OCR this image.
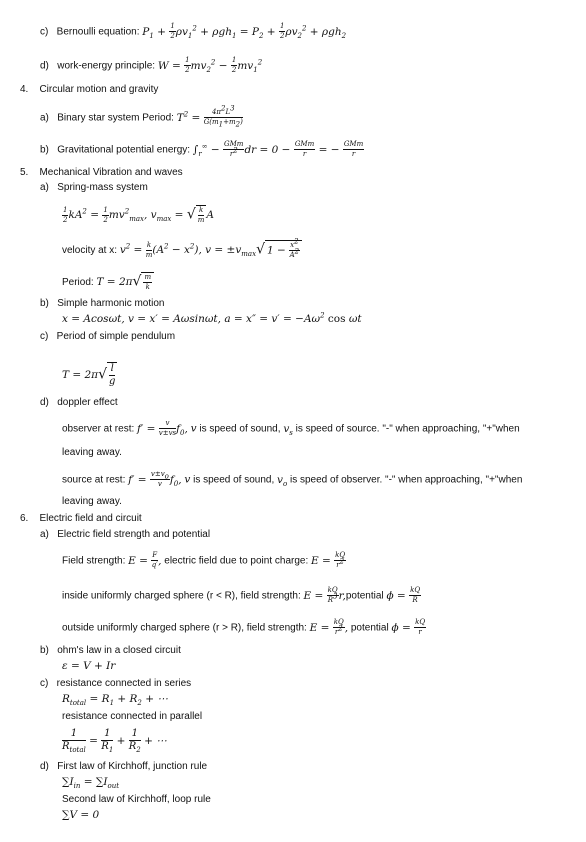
c)   Bernoulli equation: $P_1 + \frac{1}{2} \rho v_1^2 + \rho gh_1 = P_2 + \frac{1}{2} \rho v_2^2 + \rho gh_2$
d)   work-energy principle: $W = \frac{1}{2} mv_2^2 - \frac{1}{2} mv_1^2$
4.    Circular motion and gravity
a)   Binary star system Period: $T^2 = \frac{4\pi^2L^3}{G(m_1+m_2)}$
b)   Gravitational potential energy: $\int_r^\infty$ − GMm
$r^2$ dr = 0 − GMm
r = − GMm
r
5.    Mechanical Vibration and waves
a)   Spring-mass system
$\frac{1}{2} kA^2 = \frac{1}{2} mv^2_{max}$, $v_{max}$ = √ $\frac{k}{m}$ A
velocity at x: $v^2 = \frac{k}{m} (A^2 - x^2)$, $v = \pm v_{max}√$ $1 - \frac{x^2}{A^2}$
Period: $T = 2\pi√ \frac{m}{k}$
b)   Simple harmonic motion
x = Acosωt, v = x′ = Aωsinωt, $a = x'' = v' = -A\omega^2$ cos ωt
c)   Period of simple pendulum
$T = 2\pi√ \frac{l}{g}$
d)   doppler effect
observer at rest: $f' = \frac{v}{v\pm vs} f_0$, v is speed of sound, $v_s$ is speed of source. "-" when approaching, "+"when
leaving away.
source at rest: $f' = \frac{v\pm v_o}{v} f_0$, v is speed of sound, $v_o$ is speed of observer. "-" when approaching, "+"when
leaving away.
6.    Electric field and circuit
a)   Electric field strength and potential
Field strength: $E = \frac{F}{q'}$ , electric field due to point charge: $E = \frac{kQ}{r^2}$
inside uniformly charged sphere (r < R), field strength: $E = \frac{kQ}{R^3}$ r,potential $\phi = \frac{kQ}{R}$
outside uniformly charged sphere (r > R), field strength: $E = \frac{kQ}{r^2}$ , potential $\phi = \frac{kQ}{r}$
b)   ohm's law in a closed circuit
ε = V + Ir
c)   resistance connected in series
$R_{total} = R_1 + R_2$ + ⋯
resistance connected in parallel
1
$R_{total}$
= $\frac{1}{R_1} + \frac{1}{R_2}$ + ⋯
d)   First law of Kirchhoff, junction rule
$\sum I_{in} = \sum I_{out}$
Second law of Kirchhoff, loop rule
∑V = 0
